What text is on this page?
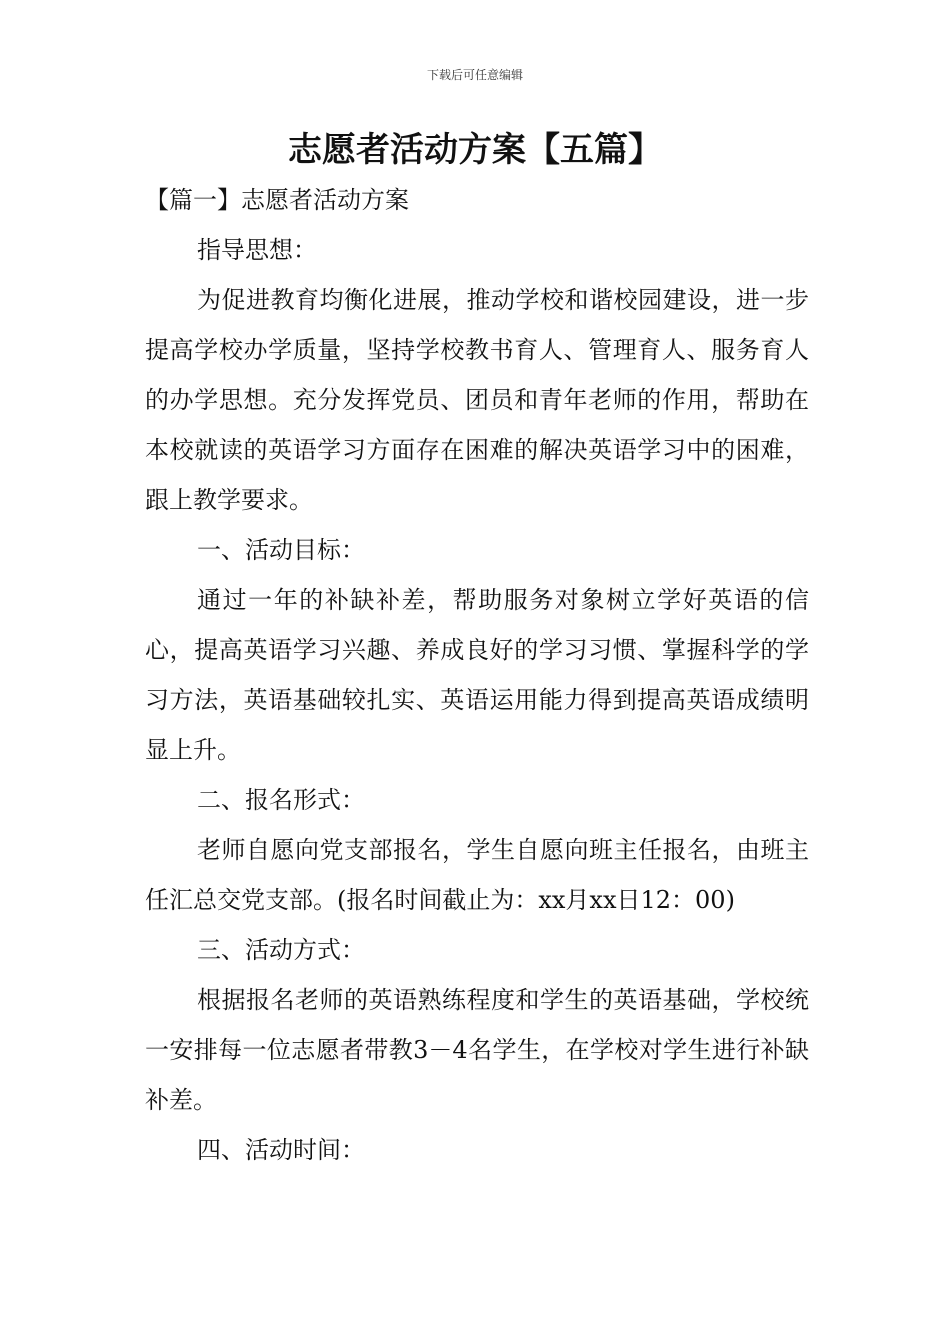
下载后可任意编辑
志愿者活动方案【五篇】

【篇一】志愿者活动方案

指导思想：

为促进教育均衡化进展，推动学校和谐校园建设，进一步提高学校办学质量，坚持学校教书育人、管理育人、服务育人的办学思想。充分发挥党员、团员和青年老师的作用，帮助在本校就读的英语学习方面存在困难的解决英语学习中的困难，跟上教学要求。

一、活动目标：

通过一年的补缺补差，帮助服务对象树立学好英语的信心，提高英语学习兴趣、养成良好的学习习惯、掌握科学的学习方法，英语基础较扎实、英语运用能力得到提高英语成绩明显上升。

二、报名形式：

老师自愿向党支部报名，学生自愿向班主任报名，由班主任汇总交党支部。(报名时间截止为：xx月xx日12：00)

三、活动方式：

根据报名老师的英语熟练程度和学生的英语基础，学校统一安排每一位志愿者带教3－4名学生，在学校对学生进行补缺补差。

四、活动时间：
